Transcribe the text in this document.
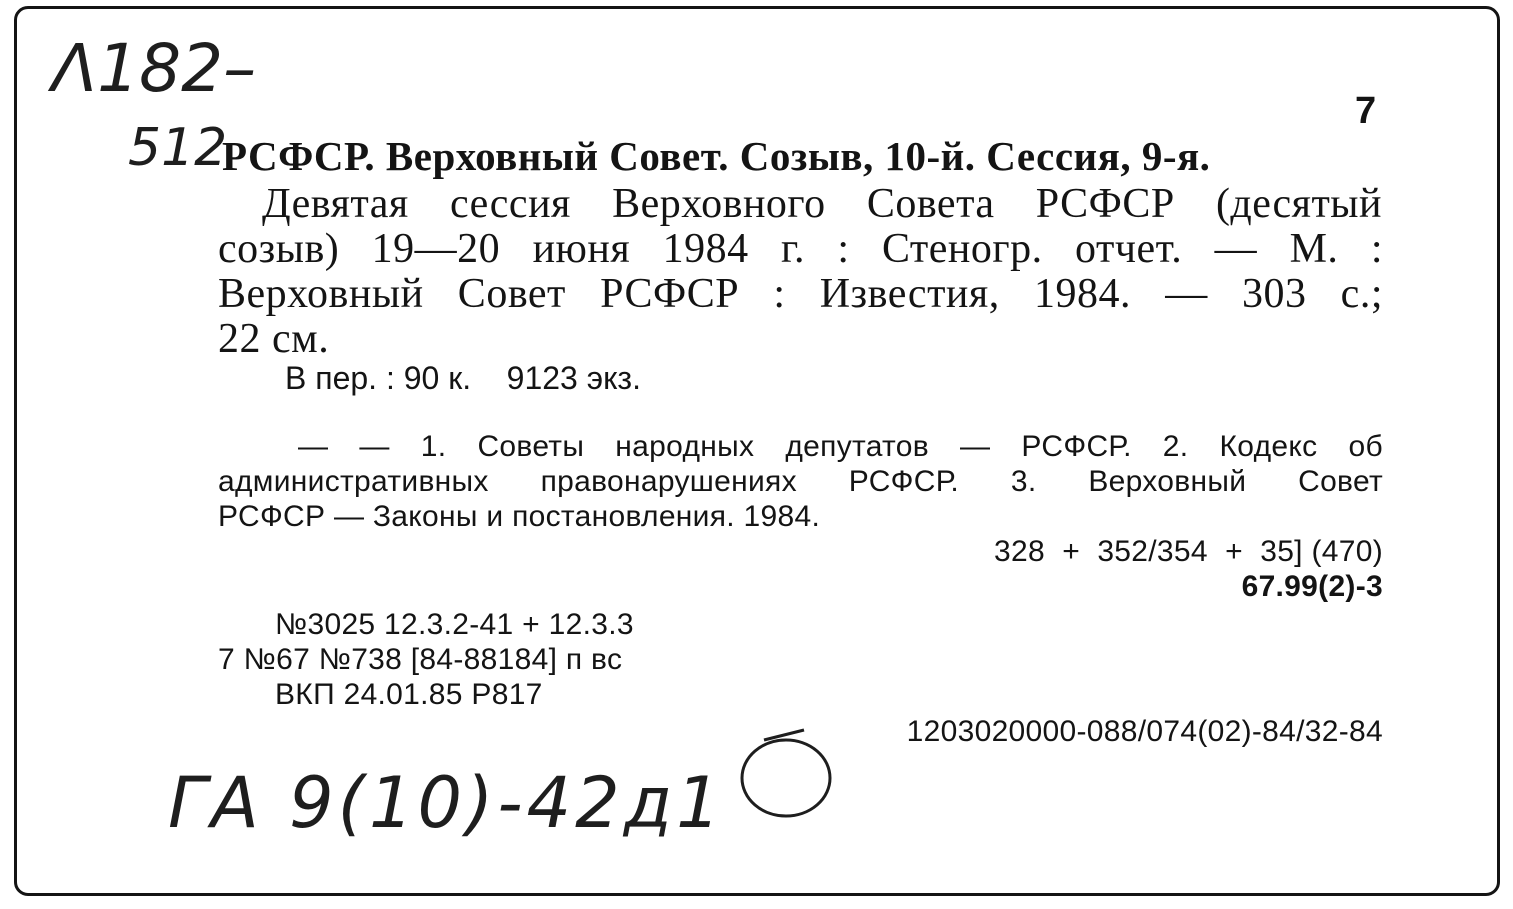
Λ182–
512
7
РСФСР. Верховный Совет. Созыв, 10-й. Сессия, 9-я.
Девятая сессия Верховного Совета РСФСР (десятый
созыв) 19—20 июня 1984 г. : Стеногр. отчет. — М. :
Верховный Совет РСФСР : Известия, 1984. — 303 с.;
22 см.
В пер. : 90 к.    9123 экз.
— — 1. Советы народных депутатов — РСФСР. 2. Кодекс об
административных правонарушениях РСФСР. 3. Верховный Совет
РСФСР — Законы и постановления. 1984.
328  +  352/354  +  35] (470)
67.99(2)-3
№3025 12.3.2-41 + 12.3.3
7 №67 №738 [84-88184] п вс
ВКП 24.01.85 Р817
1203020000-088/074(02)-84/32-84
ГА 9(10)-42д1
